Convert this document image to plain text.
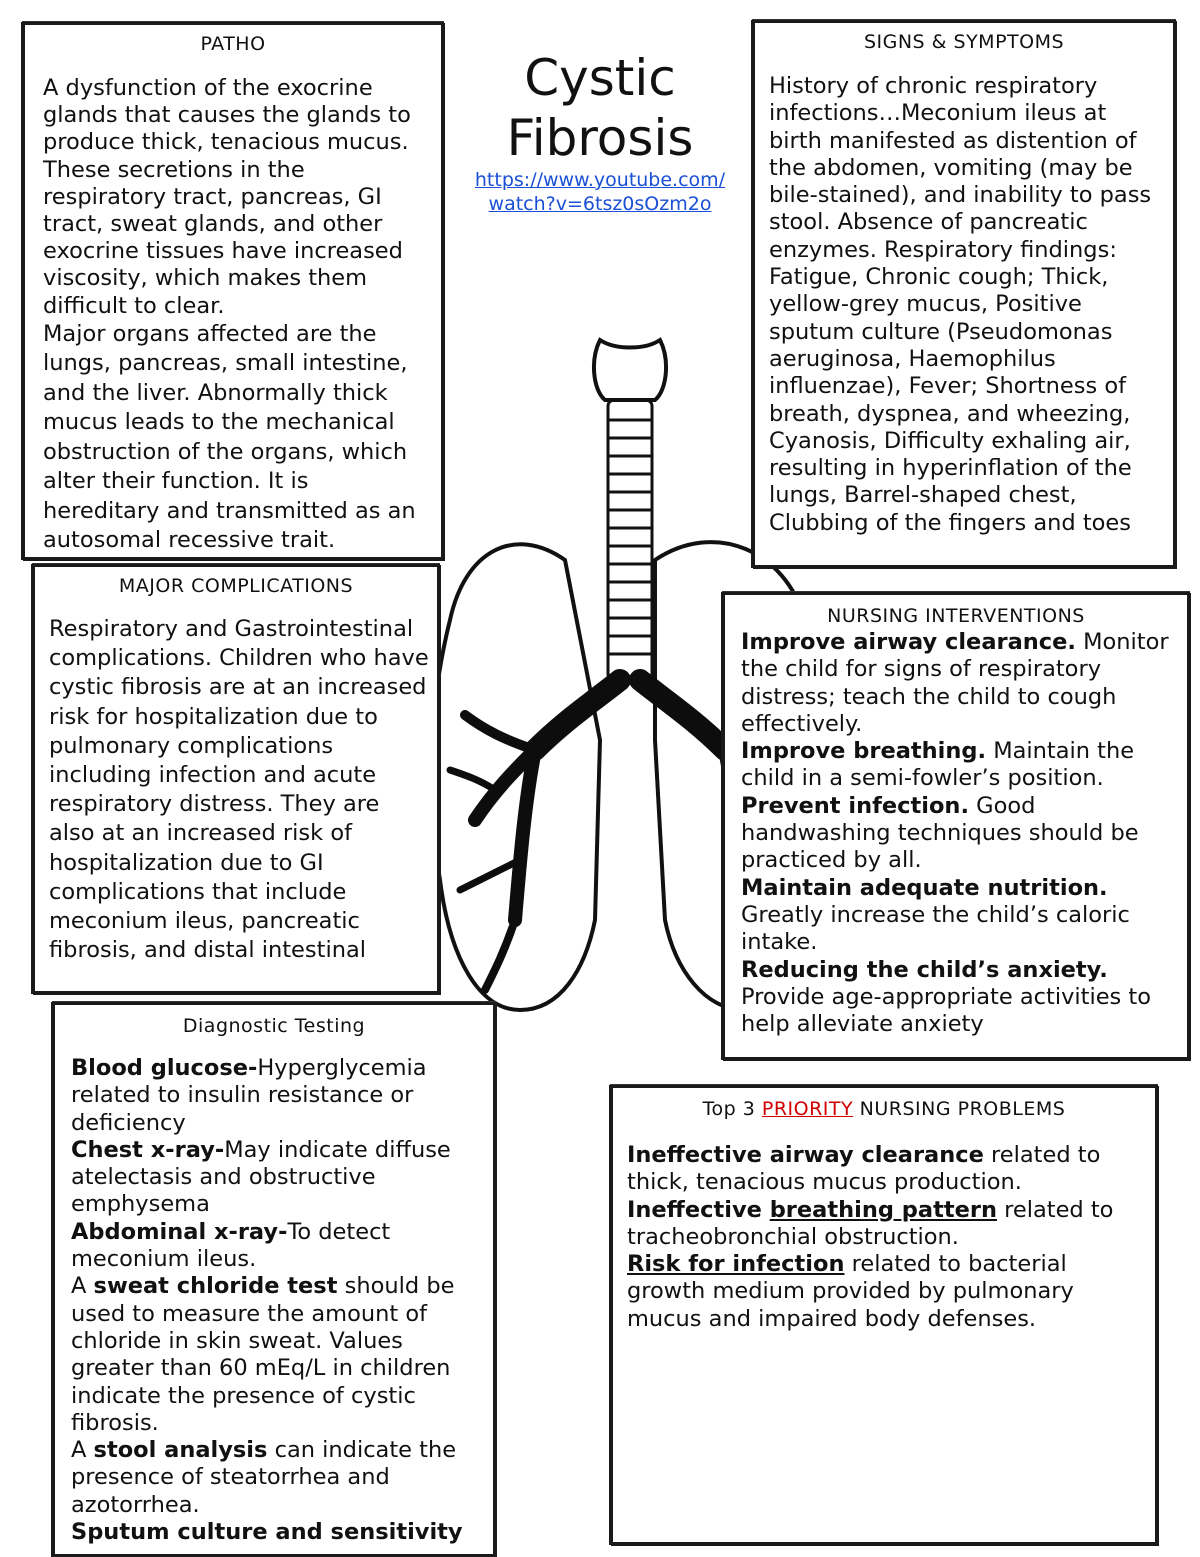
Cystic
Fibrosis
https://www.youtube.com/
watch?v=6tsz0sOzm2o
PATHO

A dysfunction of the exocrine glands that causes the glands to produce thick, tenacious mucus. These secretions in the respiratory tract, pancreas, GI tract, sweat glands, and other exocrine tissues have increased viscosity, which makes them difficult to clear.

Major organs affected are the lungs, pancreas, small intestine, and the liver. Abnormally thick mucus leads to the mechanical obstruction of the organs, which alter their function. It is hereditary and transmitted as an autosomal recessive trait.

SIGNS & SYMPTOMS

History of chronic respiratory infections…Meconium ileus at birth manifested as distention of the abdomen, vomiting (may be bile-stained), and inability to pass stool. Absence of pancreatic enzymes. Respiratory findings: Fatigue, Chronic cough; Thick, yellow-grey mucus, Positive sputum culture (Pseudomonas aeruginosa, Haemophilus influenzae), Fever; Shortness of breath, dyspnea, and wheezing, Cyanosis, Difficulty exhaling air, resulting in hyperinflation of the lungs, Barrel-shaped chest, Clubbing of the fingers and toes

MAJOR COMPLICATIONS

Respiratory and Gastrointestinal complications. Children who have cystic fibrosis are at an increased risk for hospitalization due to pulmonary complications including infection and acute respiratory distress. They are also at an increased risk of hospitalization due to GI complications that include meconium ileus, pancreatic fibrosis, and distal intestinal

NURSING INTERVENTIONS

Improve airway clearance. Monitor the child for signs of respiratory distress; teach the child to cough effectively.

Improve breathing. Maintain the child in a semi-fowler’s position.

Prevent infection. Good handwashing techniques should be practiced by all.

Maintain adequate nutrition. Greatly increase the child’s caloric intake.

Reducing the child’s anxiety. Provide age-appropriate activities to help alleviate anxiety

Diagnostic Testing

Blood glucose-Hyperglycemia related to insulin resistance or deficiency

Chest x-ray-May indicate diffuse atelectasis and obstructive emphysema

Abdominal x-ray-To detect meconium ileus.

A sweat chloride test should be used to measure the amount of chloride in skin sweat. Values greater than 60 mEq/L in children indicate the presence of cystic fibrosis.

A stool analysis can indicate the presence of steatorrhea and azotorrhea.

Sputum culture and sensitivity

Top 3 PRIORITY NURSING PROBLEMS

Ineffective airway clearance related to thick, tenacious mucus production.

Ineffective breathing pattern related to tracheobronchial obstruction.

Risk for infection related to bacterial growth medium provided by pulmonary mucus and impaired body defenses.
